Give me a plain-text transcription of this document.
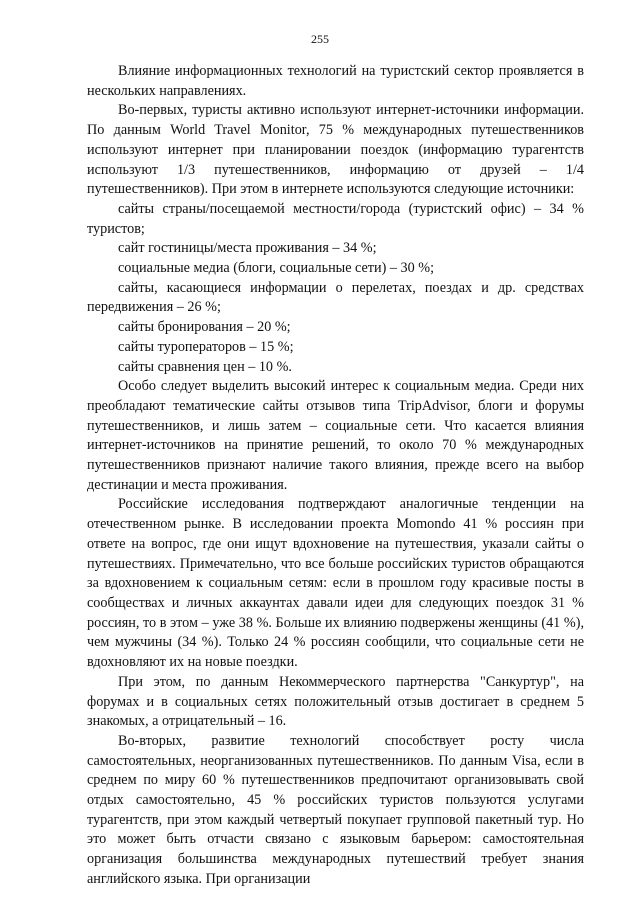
255

Влияние информационных технологий на туристский сектор проявляется в нескольких направлениях.

Во-первых, туристы активно используют интернет-источники информации. По данным World Travel Monitor, 75 % международных путешественников используют интернет при планировании поездок (информацию турагентств используют 1/3 путешественников, информацию от друзей – 1/4 путешественников). При этом в интернете используются следующие источники:

сайты страны/посещаемой местности/города (туристский офис) – 34 % туристов;

сайт гостиницы/места проживания – 34 %;

социальные медиа (блоги, социальные сети) – 30 %;

сайты, касающиеся информации о перелетах, поездах и др. средствах передвижения – 26 %;

сайты бронирования – 20 %;

сайты туроператоров – 15 %;

сайты сравнения цен – 10 %.

Особо следует выделить высокий интерес к социальным медиа. Среди них преобладают тематические сайты отзывов типа TripAdvisor, блоги и форумы путешественников, и лишь затем – социальные сети. Что касается влияния интернет-источников на принятие решений, то около 70 % международных путешественников признают наличие такого влияния, прежде всего на выбор дестинации и места проживания.

Российские исследования подтверждают аналогичные тенденции на отечественном рынке. В исследовании проекта Momondo 41 % россиян при ответе на вопрос, где они ищут вдохновение на путешествия, указали сайты о путешествиях. Примечательно, что все больше российских туристов обращаются за вдохновением к социальным сетям: если в прошлом году красивые посты в сообществах и личных аккаунтах давали идеи для следующих поездок 31 % россиян, то в этом – уже 38 %. Больше их влиянию подвержены женщины (41 %), чем мужчины (34 %). Только 24 % россиян сообщили, что социальные сети не вдохновляют их на новые поездки.

При этом, по данным Некоммерческого партнерства "Санкуртур", на форумах и в социальных сетях положительный отзыв достигает в среднем 5 знакомых, а отрицательный – 16.

Во-вторых, развитие технологий способствует росту числа самостоятельных, неорганизованных путешественников. По данным Visa, если в среднем по миру 60 % путешественников предпочитают организовывать свой отдых самостоятельно, 45 % российских туристов пользуются услугами турагентств, при этом каждый четвертый покупает групповой пакетный тур. Но это может быть отчасти связано с языковым барьером: самостоятельная организация большинства международных путешествий требует знания английского языка. При организации
